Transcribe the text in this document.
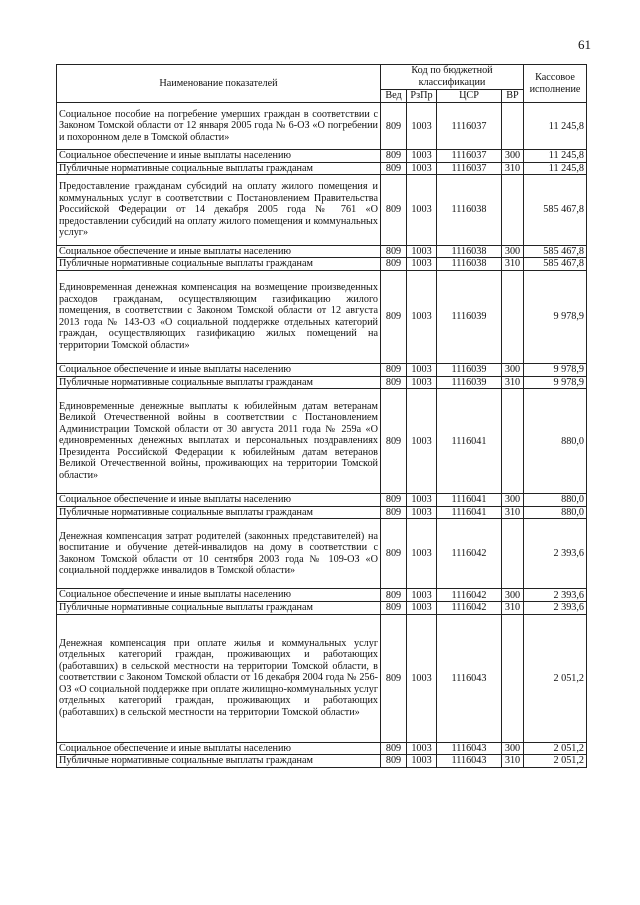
61
Наименование показателей	Код по бюджетной классификации				Кассовое исполнение
	Вед	РзПр	ЦСР	ВР	
Социальное пособие на погребение умерших граждан в соответствии с Законом Томской области от 12 января 2005 года № 6-ОЗ «О погребении и похоронном деле в Томской области»	809	1003	1116037		11 245,8
Социальное обеспечение и иные выплаты населению	809	1003	1116037	300	11 245,8
Публичные нормативные социальные выплаты гражданам	809	1003	1116037	310	11 245,8
Предоставление гражданам субсидий на оплату жилого помещения и коммунальных услуг в соответствии с Постановлением Правительства Российской Федерации от 14 декабря 2005 года № 761 «О предоставлении субсидий на оплату жилого помещения и коммунальных услуг»	809	1003	1116038		585 467,8
Социальное обеспечение и иные выплаты населению	809	1003	1116038	300	585 467,8
Публичные нормативные социальные выплаты гражданам	809	1003	1116038	310	585 467,8
Единовременная денежная компенсация на возмещение произведенных расходов гражданам, осуществляющим газификацию жилого помещения, в соответствии с Законом Томской области от 12 августа 2013 года № 143-ОЗ «О социальной поддержке отдельных категорий граждан, осуществляющих газификацию жилых помещений на территории Томской области»	809	1003	1116039		9 978,9
Социальное обеспечение и иные выплаты населению	809	1003	1116039	300	9 978,9
Публичные нормативные социальные выплаты гражданам	809	1003	1116039	310	9 978,9
Единовременные денежные выплаты к юбилейным датам ветеранам Великой Отечественной войны в соответствии с Постановлением Администрации Томской области от 30 августа 2011 года № 259а «О единовременных денежных выплатах и персональных поздравлениях Президента Российской Федерации к юбилейным датам ветеранов Великой Отечественной войны, проживающих на территории Томской области»	809	1003	1116041		880,0
Социальное обеспечение и иные выплаты населению	809	1003	1116041	300	880,0
Публичные нормативные социальные выплаты гражданам	809	1003	1116041	310	880,0
Денежная компенсация затрат родителей (законных представителей) на воспитание и обучение детей-инвалидов на дому в соответствии с Законом Томской области от 10 сентября 2003 года № 109-ОЗ «О социальной поддержке инвалидов в Томской области»	809	1003	1116042		2 393,6
Социальное обеспечение и иные выплаты населению	809	1003	1116042	300	2 393,6
Публичные нормативные социальные выплаты гражданам	809	1003	1116042	310	2 393,6
Денежная компенсация при оплате жилья и коммунальных услуг отдельных категорий граждан, проживающих и работающих (работавших) в сельской местности на территории Томской области, в соответствии с Законом Томской области от 16 декабря 2004 года № 256-ОЗ «О социальной поддержке при оплате жилищно-коммунальных услуг отдельных категорий граждан, проживающих и работающих (работавших) в сельской местности на территории Томской области»	809	1003	1116043		2 051,2
Социальное обеспечение и иные выплаты населению	809	1003	1116043	300	2 051,2
Публичные нормативные социальные выплаты гражданам	809	1003	1116043	310	2 051,2
